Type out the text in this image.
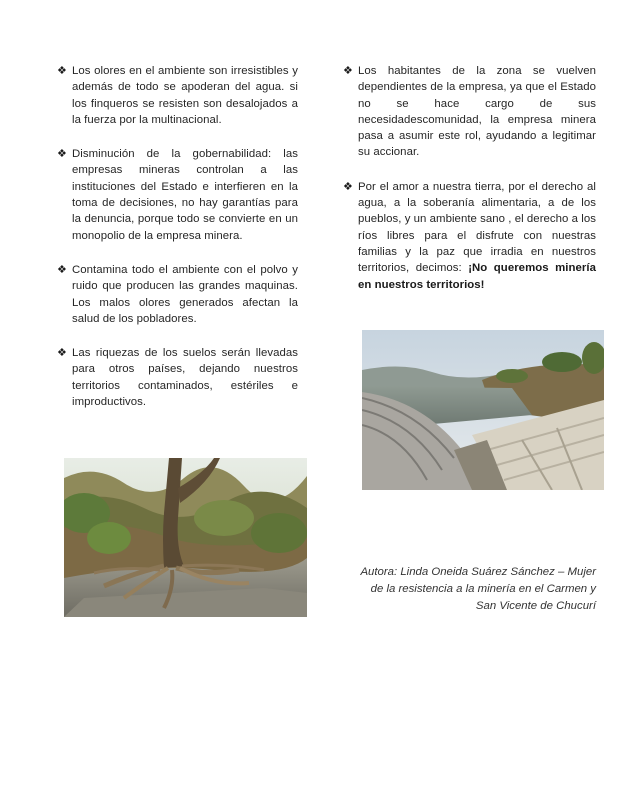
❖ Los olores en el ambiente son irresistibles y además de todo se apoderan del agua. si los finqueros se resisten son desalojados a la fuerza por la multinacional.
❖ Disminución de la gobernabilidad: las empresas mineras controlan a las instituciones del Estado e interfieren en la toma de decisiones, no hay garantías para la denuncia, porque todo se convierte en un monopolio de la empresa minera.
❖ Contamina todo el ambiente con el polvo y ruido que producen las grandes maquinas. Los malos olores generados afectan la salud de los pobladores.
❖ Las riquezas de los suelos serán llevadas para otros países, dejando nuestros territorios contaminados, estériles e improductivos.
❖ Los habitantes de la zona se vuelven dependientes de la empresa, ya que el Estado no se hace cargo de sus necesidadescomunidad, la empresa minera pasa a asumir este rol, ayudando a legitimar su accionar.
❖ Por el amor a nuestra tierra, por el derecho al agua, a la soberanía alimentaria, a de los pueblos, y un ambiente sano , el derecho a los ríos libres para el disfrute con nuestras familias y la paz que irradia en nuestros territorios, decimos: ¡No queremos minería en nuestros territorios!
Autora: Linda Oneida Suárez Sánchez – Mujer de la resistencia a la minería en el Carmen y San Vicente de Chucurí
